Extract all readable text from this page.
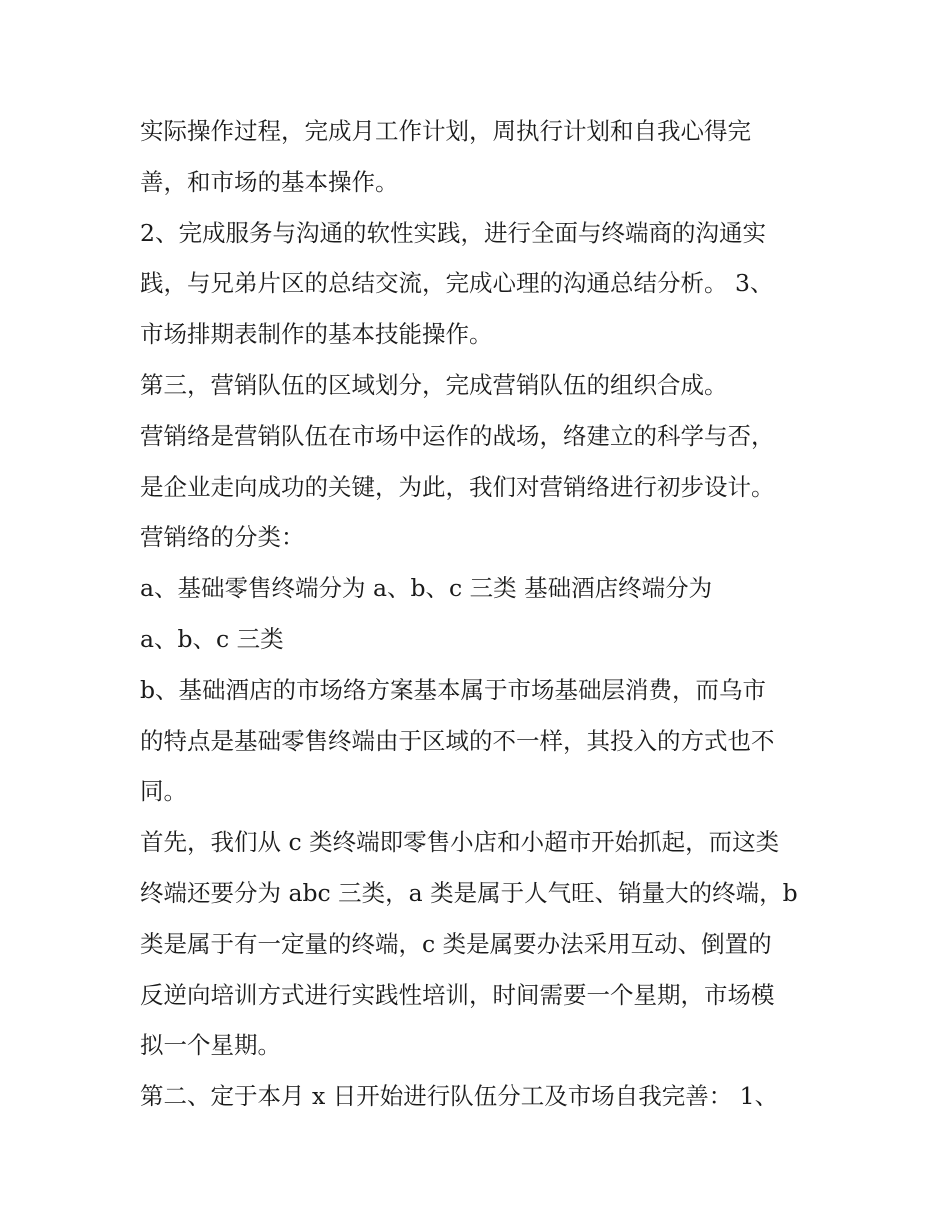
实际操作过程，完成月工作计划，周执行计划和自我心得完
善，和市场的基本操作。
2、完成服务与沟通的软性实践，进行全面与终端商的沟通实
践，与兄弟片区的总结交流，完成心理的沟通总结分析。 3、
市场排期表制作的基本技能操作。
第三，营销队伍的区域划分，完成营销队伍的组织合成。
营销络是营销队伍在市场中运作的战场，络建立的科学与否，
是企业走向成功的关键，为此，我们对营销络进行初步设计。
营销络的分类：
a、基础零售终端分为 a、b、c 三类 基础酒店终端分为
a、b、c 三类
b、基础酒店的市场络方案基本属于市场基础层消费，而乌市
的特点是基础零售终端由于区域的不一样，其投入的方式也不
同。
首先，我们从 c 类终端即零售小店和小超市开始抓起，而这类
终端还要分为 abc 三类，a 类是属于人气旺、销量大的终端，b
类是属于有一定量的终端，c 类是属要办法采用互动、倒置的
反逆向培训方式进行实践性培训，时间需要一个星期，市场模
拟一个星期。
第二、定于本月 x 日开始进行队伍分工及市场自我完善： 1、
